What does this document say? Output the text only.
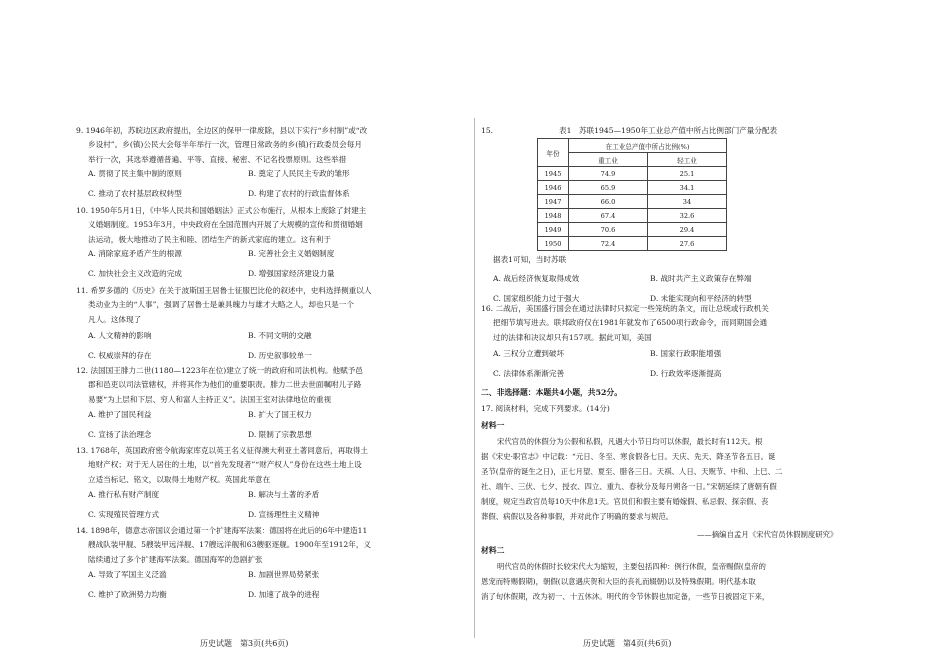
9. 1946年初，苏皖边区政府提出，全边区的保甲一律废除，县以下实行“乡村制”或“改
乡设村”。乡(镇)公民大会每半年举行一次，管理日常政务的乡(镇)行政委员会每月
举行一次，其选举遵循普遍、平等、直接、秘密、不记名投票原则。这些举措
A. 贯彻了民主集中制的原则	B. 奠定了人民民主专政的雏形
C. 推动了农村基层政权转型	D. 构建了农村的行政监督体系
10. 1950年5月1日，《中华人民共和国婚姻法》正式公布施行，从根本上废除了封建主
义婚姻制度。1953年3月，中央政府在全国范围内开展了大规模的宣传和贯彻婚姻
法运动，极大地推动了民主和睦、团结生产的新式家庭的建立。这有利于
A. 消除家庭矛盾产生的根源	B. 完善社会主义婚姻制度
C. 加快社会主义改造的完成	D. 增强国家经济建设力量
11. 希罗多德的《历史》在关于波斯国王居鲁士征服巴比伦的叙述中，史料选择侧重以人
类动业为主的“人事”，强调了居鲁士是兼具魄力与雄才大略之人，却也只是一个
凡人。这体现了
A. 人文精神的影响	B. 不同文明的交融
C. 权威崇拜的存在	D. 历史叙事较单一
12. 法国国王腓力二世(1180—1223年在位)建立了统一的政府和司法机构。他赋予邑
郡和邑吏以司法管辖权，并将其作为他们的重要职责。腓力二世去世面嘱咐儿子路
易要“为上层和下层、穷人和富人主持正义”。法国王室对法律地位的重视
A. 维护了国民利益	B. 扩大了国王权力
C. 宣扬了法治理念	D. 限制了宗教思想
13. 1768年，英国政府密令航海家库克以英王名义征得澳大利亚土著同意后，再取得土
地财产权；对于无人居住的土地，以“首先发现者”“财产权人”身份在这些土地上设
立适当标记、铭文，以取得土地财产权。英国此举意在
A. 推行私有财产制度	B. 解决与土著的矛盾
C. 实现殖民管理方式	D. 宣扬理性主义精神
14. 1898年，德意志帝国议会通过第一个扩建海军法案：德国将在此后的6年中建造11
艘战队装甲舰、5艘装甲远洋舰、17艘远洋舰和63艘驱逐舰。1900年至1912年，义
陆续通过了多个扩建海军法案。德国海军的急剧扩张
A. 导致了军国主义泛滥	B. 加剧世界局势紧张
C. 维护了欧洲势力均衡	D. 加速了战争的进程
历史试题　第3页(共6页)
15.	表1　苏联1945—1950年工业总产值中所占比例部门产量分配表
年份	在工业总产值中所占比例(%)	
	重工业	轻工业
1945	74.9	25.1
1946	65.9	34.1
1947	66.0	34
1948	67.4	32.6
1949	70.6	29.4
1950	72.4	27.6
据表1可知，当时苏联
A. 战后经济恢复取得成效	B. 战时共产主义政策存在弊端
C. 国家组织能力过于强大	D. 未能实现向和平经济的转型
16. 二战后，美国盛行国会在通过法律时只拟定一些笼统的条文，而让总统或行政机关
把细节填写进去。联邦政府仅在1981年就发布了6500项行政命令，而同期国会通
过的法律和决议却只有157项。据此可知，美国
A. 三权分立遭到破坏	B. 国家行政职能增强
C. 法律体系渐渐完善	D. 行政效率逐渐提高
二、非选择题：本题共4小题，共52分。
17. 阅读材料，完成下列要求。(14分)
材料一
宋代官员的休假分为公假和私假，凡遇大小节日均可以休假，最长时有112天。根
据《宋史·职官志》中记载：“元日、冬至、寒食假各七日。天庆、先天、降圣节各五日。诞
圣节(皇帝的诞生之日)，正七月望、夏至、腊各三日。天祺、人日、天贶节、中和、上巳、二
社、端午、三伏、七夕、授衣、四立、重九、春秋分及每月朔各一日。”宋朝延续了唐朝有假
制度，规定当政官员每10天中休息1天。官员们和假主要有婚嫁假、私忌假、探亲假、丧
葬假、病假以及各种事假，并对此作了明确的要求与规范。
——摘编自孟月《宋代官员休假制度研究》
材料二
明代官员的休假时长较宋代大为缩短，主要包括四种：例行休假，皇帝赐假(皇帝的
恩宠而特赐假期)，朝假(以意遇庆贺和大臣的丧礼而辍朝)以及特殊假期。明代基本取
消了旬休假期，改为初一、十五休沐。明代的令节休假也加定备，一些节日被固定下来，
历史试题　第4页(共6页)
